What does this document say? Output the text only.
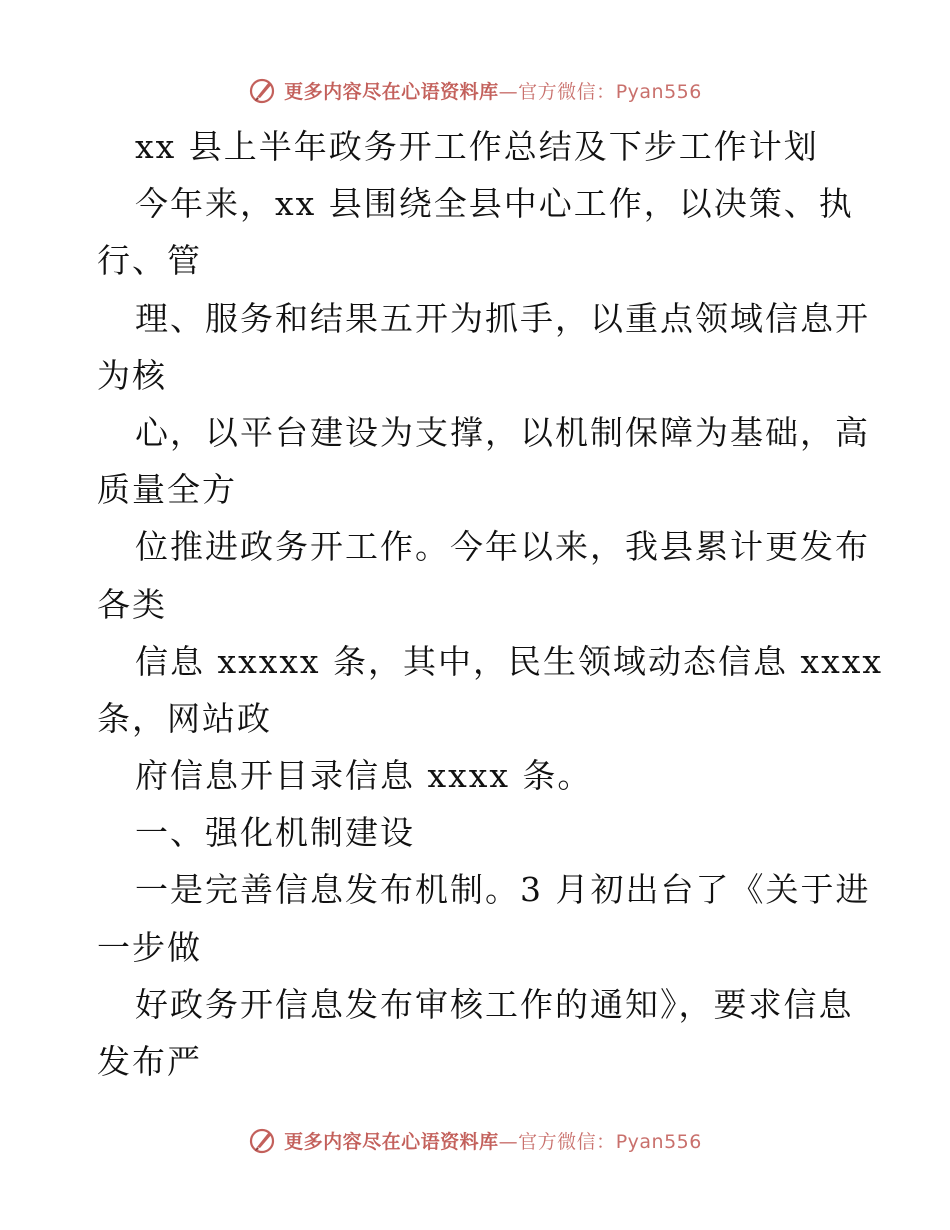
更多内容尽在心语资料库—官方微信：Pyan556
xx 县上半年政务开工作总结及下步工作计划
今年来，xx 县围绕全县中心工作，以决策、执
行、管
理、服务和结果五开为抓手，以重点领域信息开
为核
心，以平台建设为支撑，以机制保障为基础，高
质量全方
位推进政务开工作。今年以来，我县累计更发布
各类
信息 xxxxx 条，其中，民生领域动态信息 xxxx
条，网站政
府信息开目录信息 xxxx 条。
一、强化机制建设
一是完善信息发布机制。3 月初出台了《关于进
一步做
好政务开信息发布审核工作的通知》，要求信息
发布严
更多内容尽在心语资料库—官方微信：Pyan556
